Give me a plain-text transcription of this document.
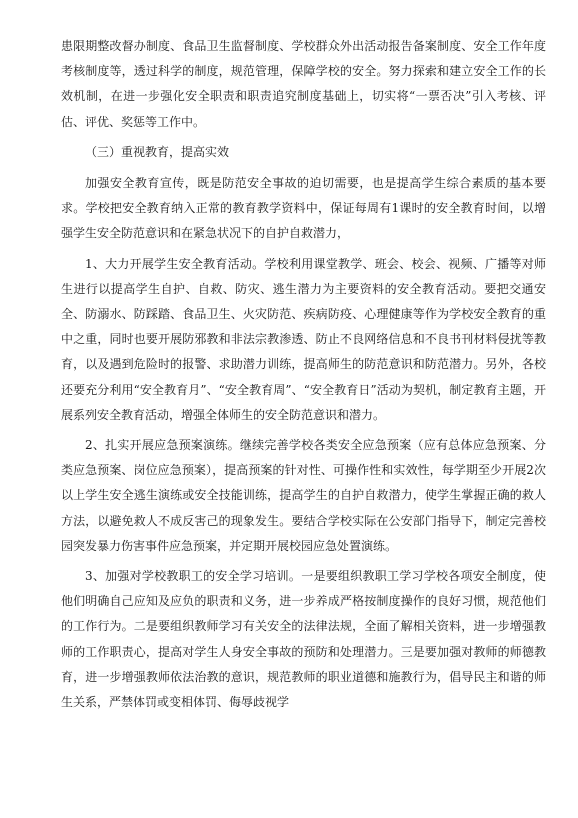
患限期整改督办制度、食品卫生监督制度、学校群众外出活动报告备案制度、安全工作年度考核制度等，透过科学的制度，规范管理，保障学校的安全。努力探索和建立安全工作的长效机制，在进一步强化安全职责和职责追究制度基础上，切实将“一票否决”引入考核、评估、评优、奖惩等工作中。

（三）重视教育，提高实效

加强安全教育宣传，既是防范安全事故的迫切需要，也是提高学生综合素质的基本要求。学校把安全教育纳入正常的教育教学资料中，保证每周有1课时的安全教育时间，以增强学生安全防范意识和在紧急状况下的自护自救潜力，

1、大力开展学生安全教育活动。学校利用课堂教学、班会、校会、视频、广播等对师生进行以提高学生自护、自救、防灾、逃生潜力为主要资料的安全教育活动。要把交通安全、防溺水、防踩踏、食品卫生、火灾防范、疾病防疫、心理健康等作为学校安全教育的重中之重，同时也要开展防邪教和非法宗教渗透、防止不良网络信息和不良书刊材料侵扰等教育，以及遇到危险时的报警、求助潜力训练，提高师生的防范意识和防范潜力。另外，各校还要充分利用“安全教育月”、“安全教育周”、“安全教育日”活动为契机，制定教育主题，开展系列安全教育活动，增强全体师生的安全防范意识和潜力。

2、扎实开展应急预案演练。继续完善学校各类安全应急预案（应有总体应急预案、分类应急预案、岗位应急预案），提高预案的针对性、可操作性和实效性，每学期至少开展2次以上学生安全逃生演练或安全技能训练，提高学生的自护自救潜力，使学生掌握正确的救人方法，以避免救人不成反害己的现象发生。要结合学校实际在公安部门指导下，制定完善校园突发暴力伤害事件应急预案，并定期开展校园应急处置演练。

3、加强对学校教职工的安全学习培训。一是要组织教职工学习学校各项安全制度，使他们明确自己应知及应负的职责和义务，进一步养成严格按制度操作的良好习惯，规范他们的工作行为。二是要组织教师学习有关安全的法律法规，全面了解相关资料，进一步增强教师的工作职责心，提高对学生人身安全事故的预防和处理潜力。三是要加强对教师的师德教育，进一步增强教师依法治教的意识，规范教师的职业道德和施教行为，倡导民主和谐的师生关系，严禁体罚或变相体罚、侮辱歧视学
